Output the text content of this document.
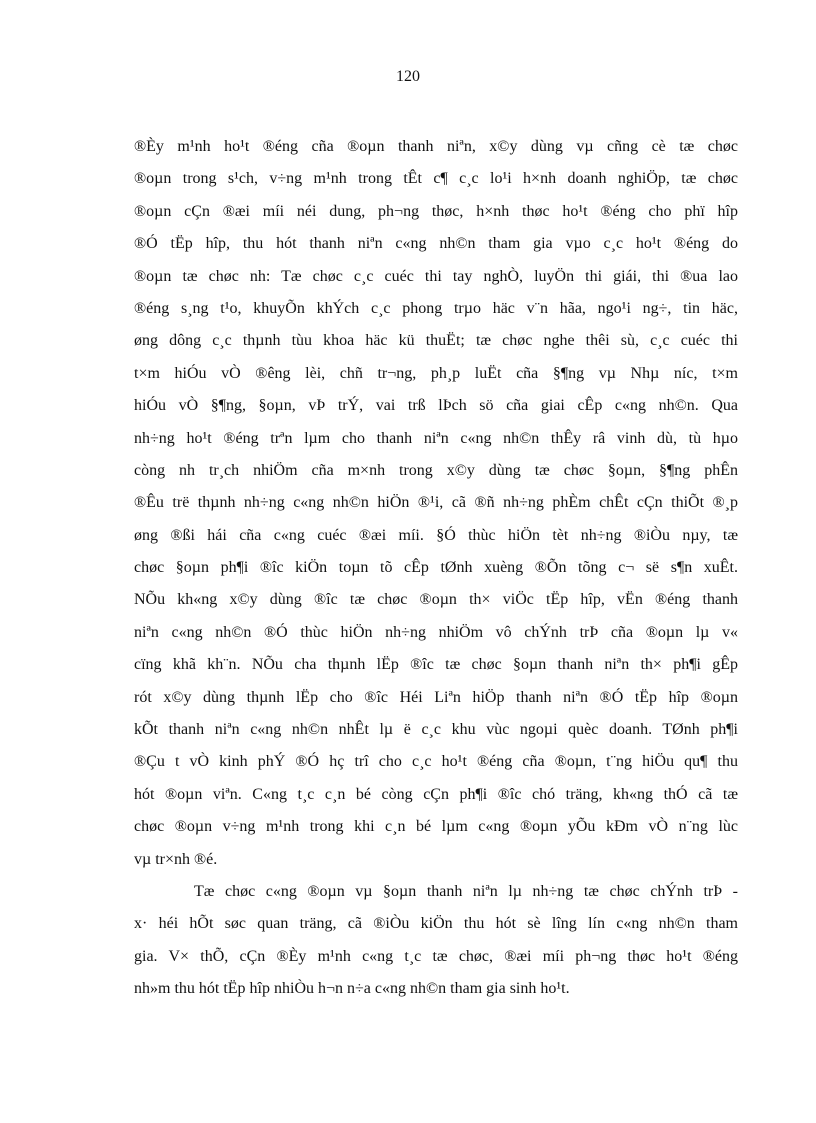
120
®Èy m¹nh ho¹t ®éng cña ®oµn thanh niªn, x©y dùng vµ cñng cè tæ chøc
®oµn trong s¹ch, v÷ng m¹nh trong tÊt c¶ c¸c lo¹i h×nh doanh nghiÖp, tæ chøc
®oµn cÇn ®æi míi néi dung, ph¬ng thøc, h×nh thøc ho¹t ®éng cho phï hîp
®Ó tËp hîp, thu hót thanh niªn c«ng nh©n tham gia vµo c¸c ho¹t ®éng do
®oµn tæ chøc nh: Tæ chøc c¸c cuéc thi tay nghÒ, luyÖn thi giái, thi ®ua lao
®éng s¸ng t¹o, khuyÕn khÝch c¸c phong trµo häc v¨n hãa, ngo¹i ng÷, tin häc,
øng dông c¸c thµnh tùu khoa häc kü thuËt; tæ chøc nghe thêi sù, c¸c cuéc thi
t×m hiÓu vÒ ®êng lèi, chñ tr¬ng, ph¸p luËt cña §¶ng vµ Nhµ níc, t×m
hiÓu vÒ §¶ng, §oµn, vÞ trÝ, vai trß lÞch sö cña giai cÊp c«ng nh©n. Qua
nh÷ng ho¹t ®éng trªn lµm cho thanh niªn c«ng nh©n thÊy râ vinh dù, tù hµo
còng nh tr¸ch nhiÖm cña m×nh trong x©y dùng tæ chøc §oµn, §¶ng phÊn
®Êu trë thµnh nh÷ng c«ng nh©n hiÖn ®¹i, cã ®ñ nh÷ng phÈm chÊt cÇn thiÕt ®¸p
øng ®ßi hái cña c«ng cuéc ®æi míi. §Ó thùc hiÖn tèt nh÷ng ®iÒu nµy, tæ
chøc §oµn ph¶i ®îc kiÖn toµn tõ cÊp tØnh xuèng ®Õn tõng c¬ së s¶n xuÊt.
NÕu kh«ng x©y dùng ®îc tæ chøc ®oµn th× viÖc tËp hîp, vËn ®éng thanh
niªn c«ng nh©n ®Ó thùc hiÖn nh÷ng nhiÖm vô chÝnh trÞ cña ®oµn lµ v«
cïng khã kh¨n. NÕu cha thµnh lËp ®îc tæ chøc §oµn thanh niªn th× ph¶i gÊp
rót x©y dùng thµnh lËp cho ®îc Héi Liªn hiÖp thanh niªn ®Ó tËp hîp ®oµn
kÕt thanh niªn c«ng nh©n nhÊt lµ ë c¸c khu vùc ngoµi quèc doanh. TØnh ph¶i
®Çu t vÒ kinh phÝ ®Ó hç trî cho c¸c ho¹t ®éng cña ®oµn, t¨ng hiÖu qu¶ thu
hót ®oµn viªn. C«ng t¸c c¸n bé còng cÇn ph¶i ®îc chó träng, kh«ng thÓ cã tæ
chøc ®oµn v÷ng m¹nh trong khi c¸n bé lµm c«ng ®oµn yÕu kÐm vÒ n¨ng lùc
vµ tr×nh ®é.
Tæ chøc c«ng ®oµn vµ §oµn thanh niªn lµ nh÷ng tæ chøc chÝnh trÞ -
x· héi hÕt søc quan träng, cã ®iÒu kiÖn thu hót sè lîng lín c«ng nh©n tham
gia. V× thÕ, cÇn ®Èy m¹nh c«ng t¸c tæ chøc, ®æi míi ph¬ng thøc ho¹t ®éng
nh»m thu hót tËp hîp nhiÒu h¬n n÷a c«ng nh©n tham gia sinh ho¹t.
